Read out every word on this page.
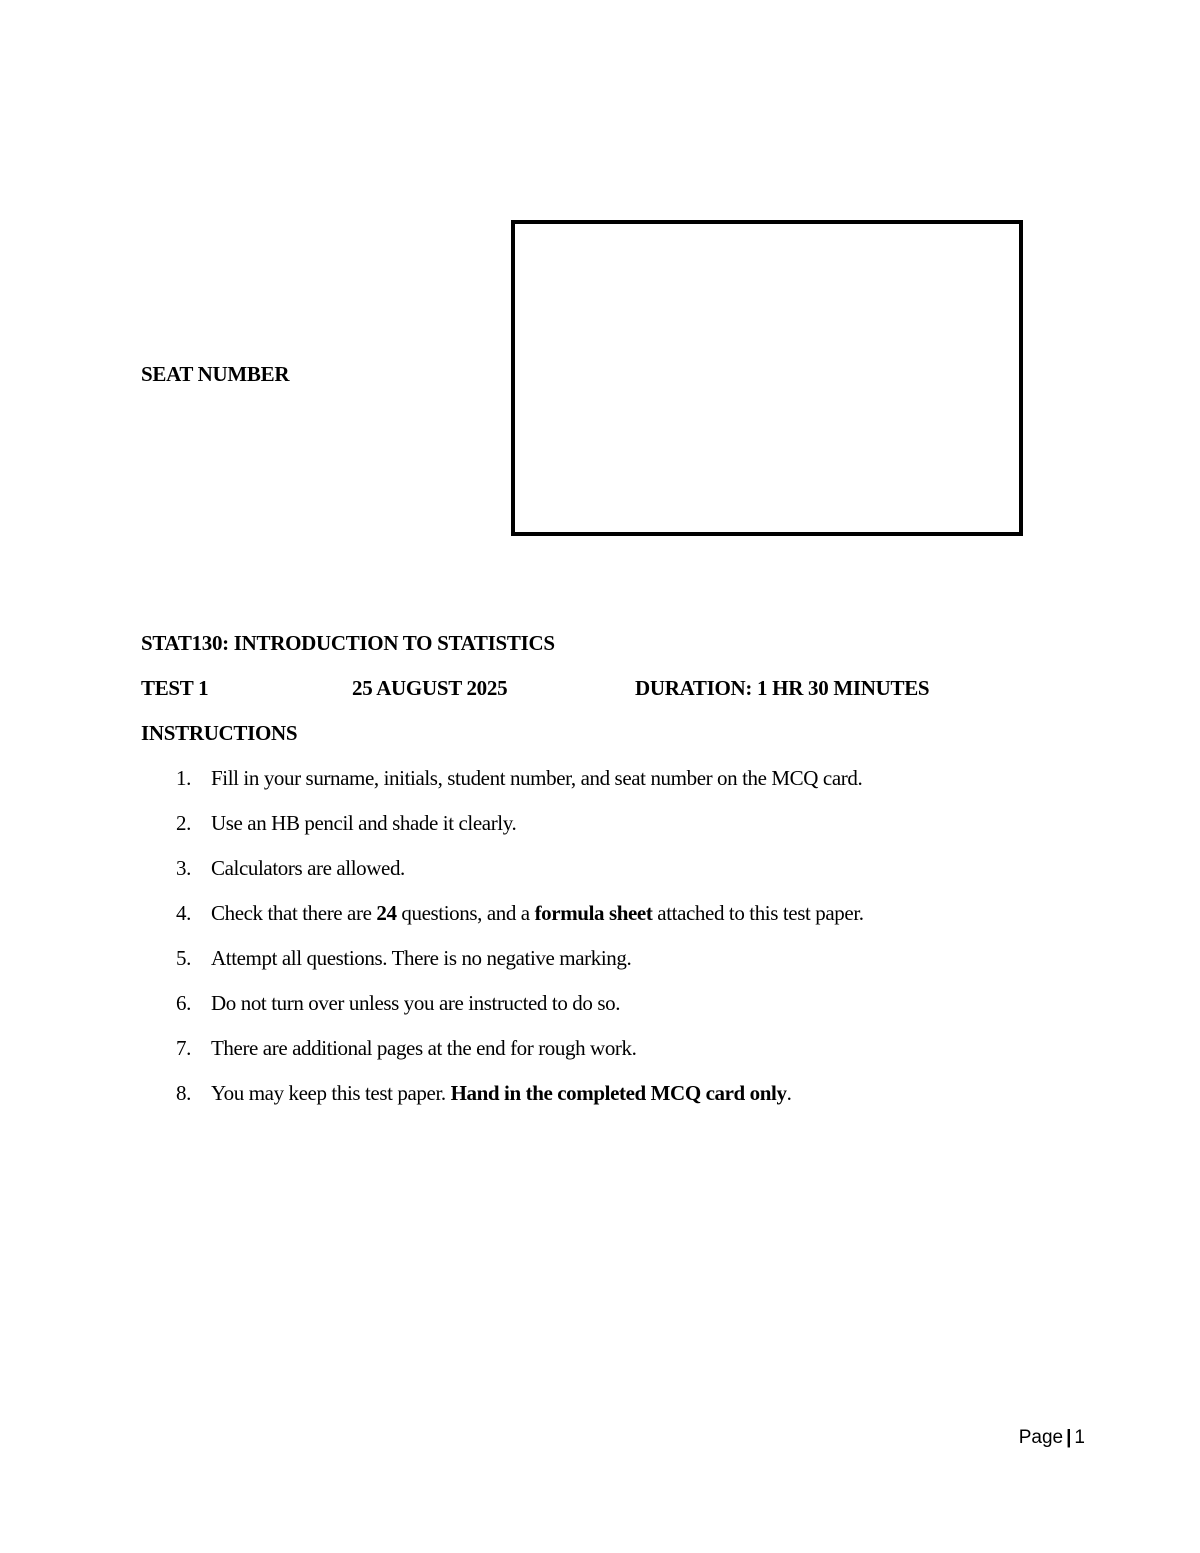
SEAT NUMBER
STAT130: INTRODUCTION TO STATISTICS
TEST 1	25 AUGUST 2025	DURATION: 1 HR 30 MINUTES
INSTRUCTIONS
1. Fill in your surname, initials, student number, and seat number on the MCQ card.
2. Use an HB pencil and shade it clearly.
3. Calculators are allowed.
4. Check that there are 24 questions, and a formula sheet attached to this test paper.
5. Attempt all questions. There is no negative marking.
6. Do not turn over unless you are instructed to do so.
7. There are additional pages at the end for rough work.
8. You may keep this test paper. Hand in the completed MCQ card only.
Page | 1
